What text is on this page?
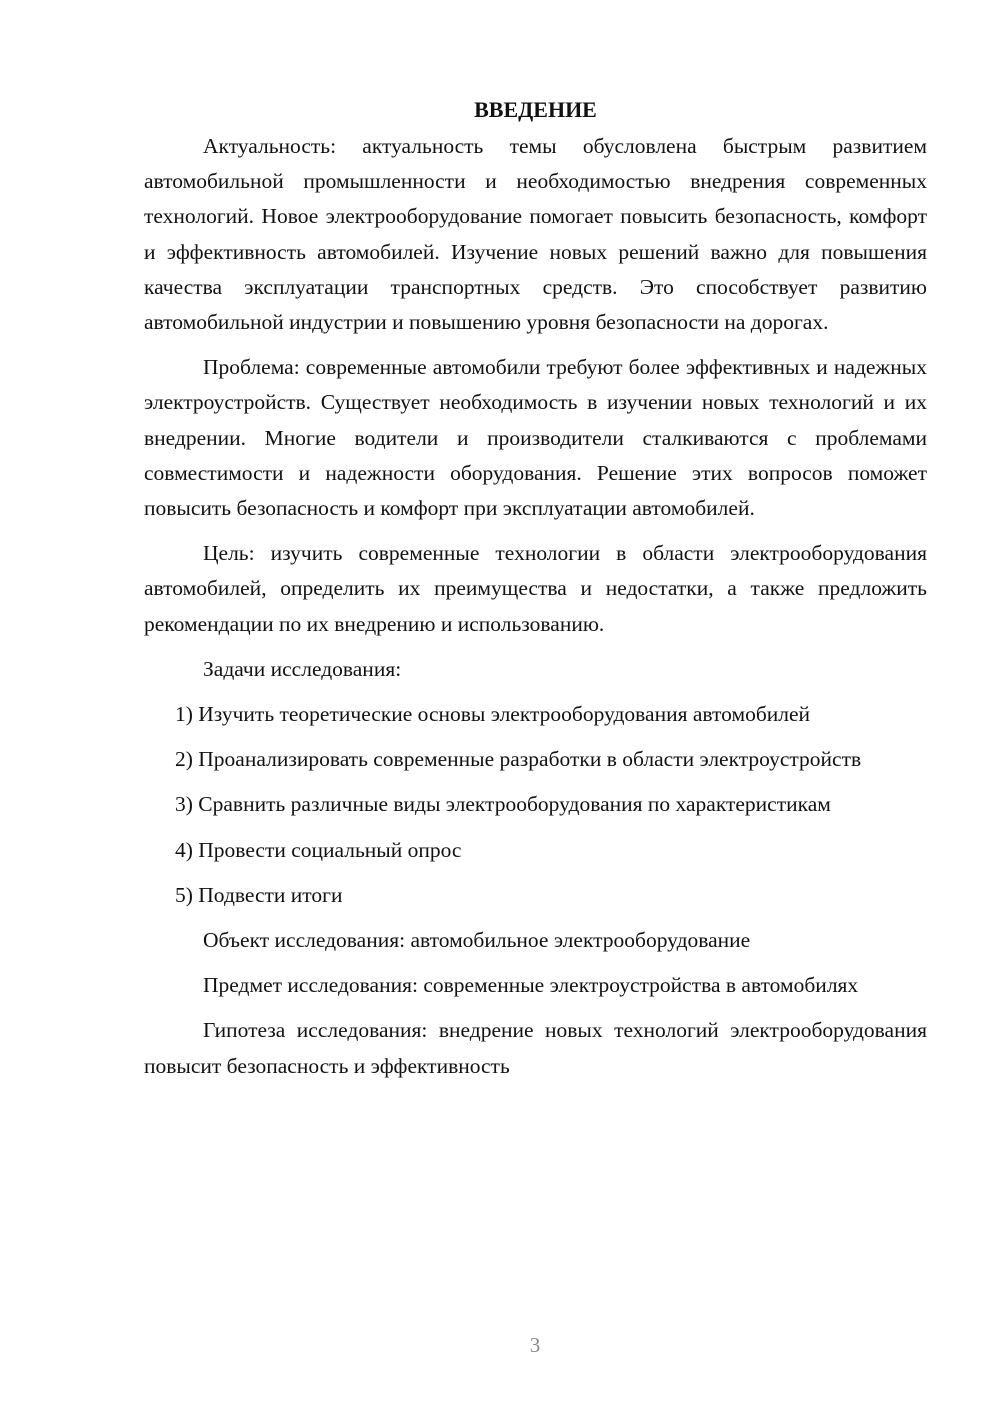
ВВЕДЕНИЕ

Актуальность: актуальность темы обусловлена быстрым развитием автомобильной промышленности и необходимостью внедрения современных технологий. Новое электрооборудование помогает повысить безопасность, комфорт и эффективность автомобилей. Изучение новых решений важно для повышения качества эксплуатации транспортных средств. Это способствует развитию автомобильной индустрии и повышению уровня безопасности на дорогах.

Проблема: современные автомобили требуют более эффективных и надежных электроустройств. Существует необходимость в изучении новых технологий и их внедрении. Многие водители и производители сталкиваются с проблемами совместимости и надежности оборудования. Решение этих вопросов поможет повысить безопасность и комфорт при эксплуатации автомобилей.

Цель: изучить современные технологии в области электрооборудования автомобилей, определить их преимущества и недостатки, а также предложить рекомендации по их внедрению и использованию.

Задачи исследования:

1) Изучить теоретические основы электрооборудования автомобилей

2) Проанализировать современные разработки в области электроустройств

3) Сравнить различные виды электрооборудования по характеристикам

4) Провести социальный опрос

5) Подвести итоги

Объект исследования: автомобильное электрооборудование

Предмет исследования: современные электроустройства в автомобилях

Гипотеза исследования: внедрение новых технологий электрооборудования повысит безопасность и эффективность

3
